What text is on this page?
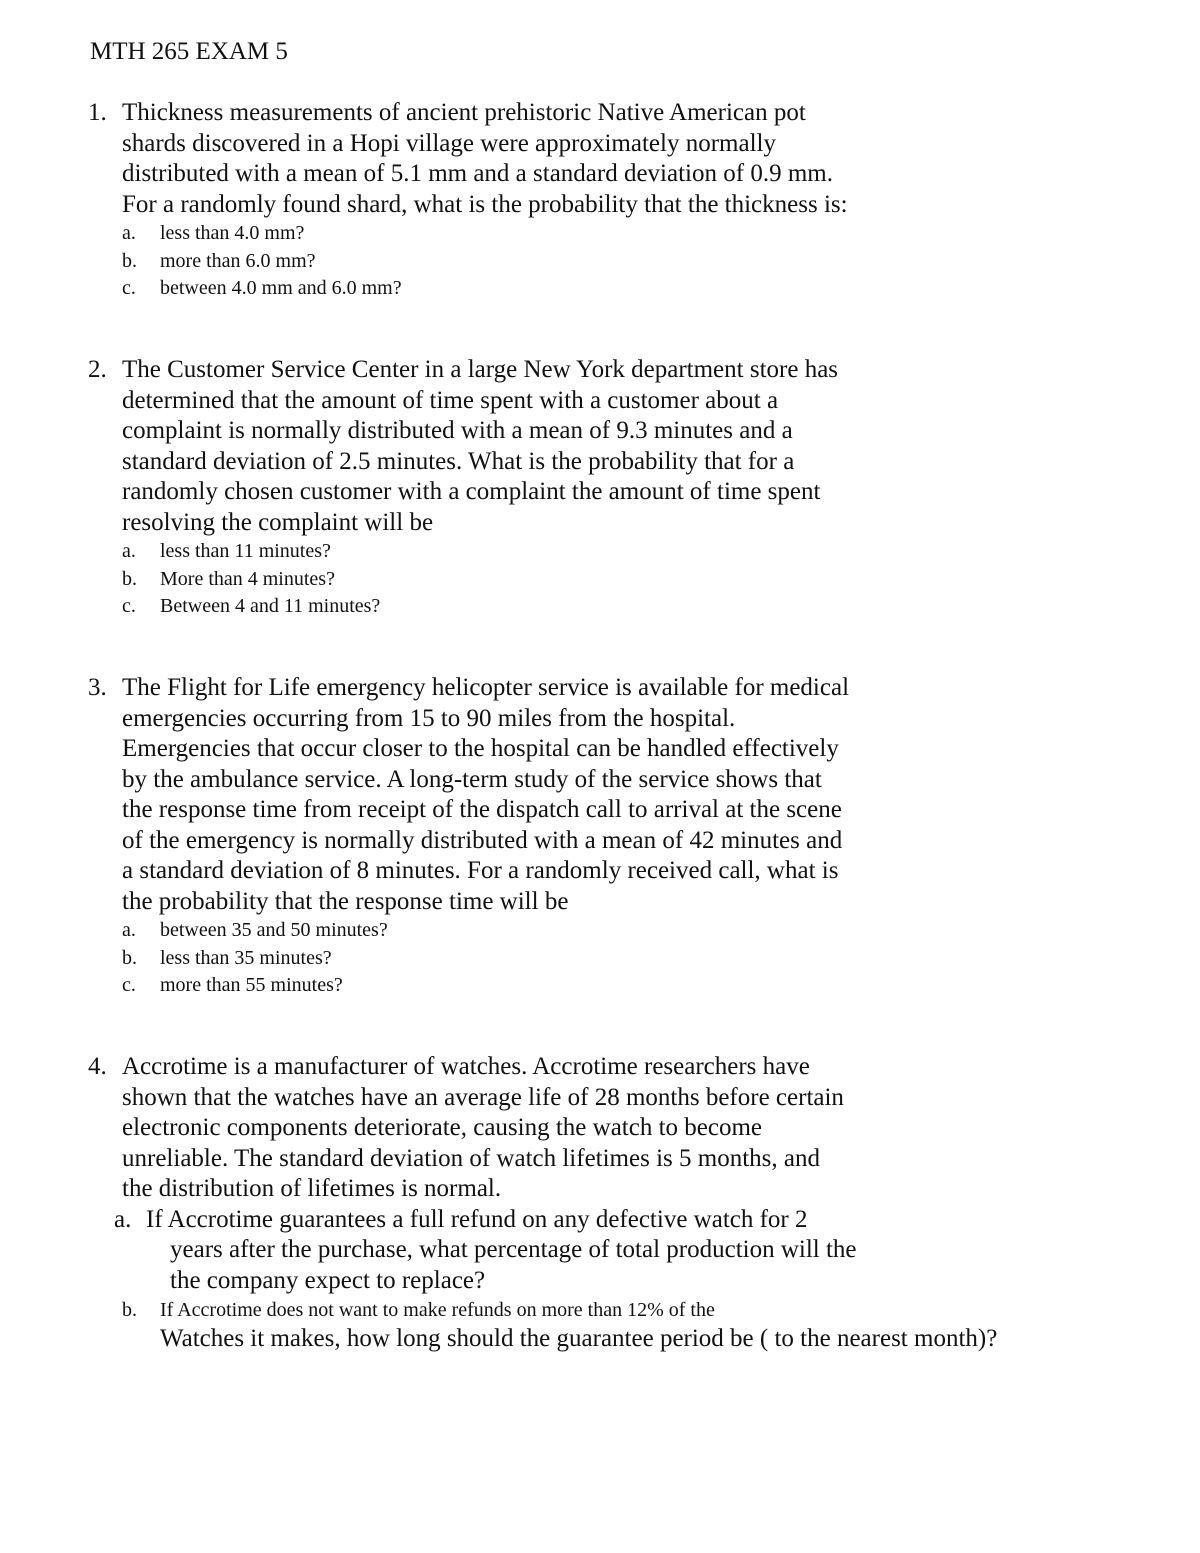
MTH 265 EXAM 5
1. Thickness measurements of ancient prehistoric Native American pot
shards discovered in a Hopi village were approximately normally
distributed with a mean of 5.1 mm and a standard deviation of 0.9 mm.
For a randomly found shard, what is the probability that the thickness is:
a. less than 4.0 mm?
b. more than 6.0 mm?
c. between 4.0 mm and 6.0 mm?
2. The Customer Service Center in a large New York department store has
determined that the amount of time spent with a customer about a
complaint is normally distributed with a mean of 9.3 minutes and a
standard deviation of 2.5 minutes. What is the probability that for a
randomly chosen customer with a complaint the amount of time spent
resolving the complaint will be
a. less than 11 minutes?
b. More than 4 minutes?
c. Between 4 and 11 minutes?
3. The Flight for Life emergency helicopter service is available for medical
emergencies occurring from 15 to 90 miles from the hospital.
Emergencies that occur closer to the hospital can be handled effectively
by the ambulance service. A long-term study of the service shows that
the response time from receipt of the dispatch call to arrival at the scene
of the emergency is normally distributed with a mean of 42 minutes and
a standard deviation of 8 minutes. For a randomly received call, what is
the probability that the response time will be
a. between 35 and 50 minutes?
b. less than 35 minutes?
c. more than 55 minutes?
4. Accrotime is a manufacturer of watches. Accrotime researchers have
shown that the watches have an average life of 28 months before certain
electronic components deteriorate, causing the watch to become
unreliable. The standard deviation of watch lifetimes is 5 months, and
the distribution of lifetimes is normal.
a. If Accrotime guarantees a full refund on any defective watch for 2
years after the purchase, what percentage of total production will the
the company expect to replace?
b. If Accrotime does not want to make refunds on more than 12% of the
Watches it makes, how long should the guarantee period be ( to the nearest month)?
